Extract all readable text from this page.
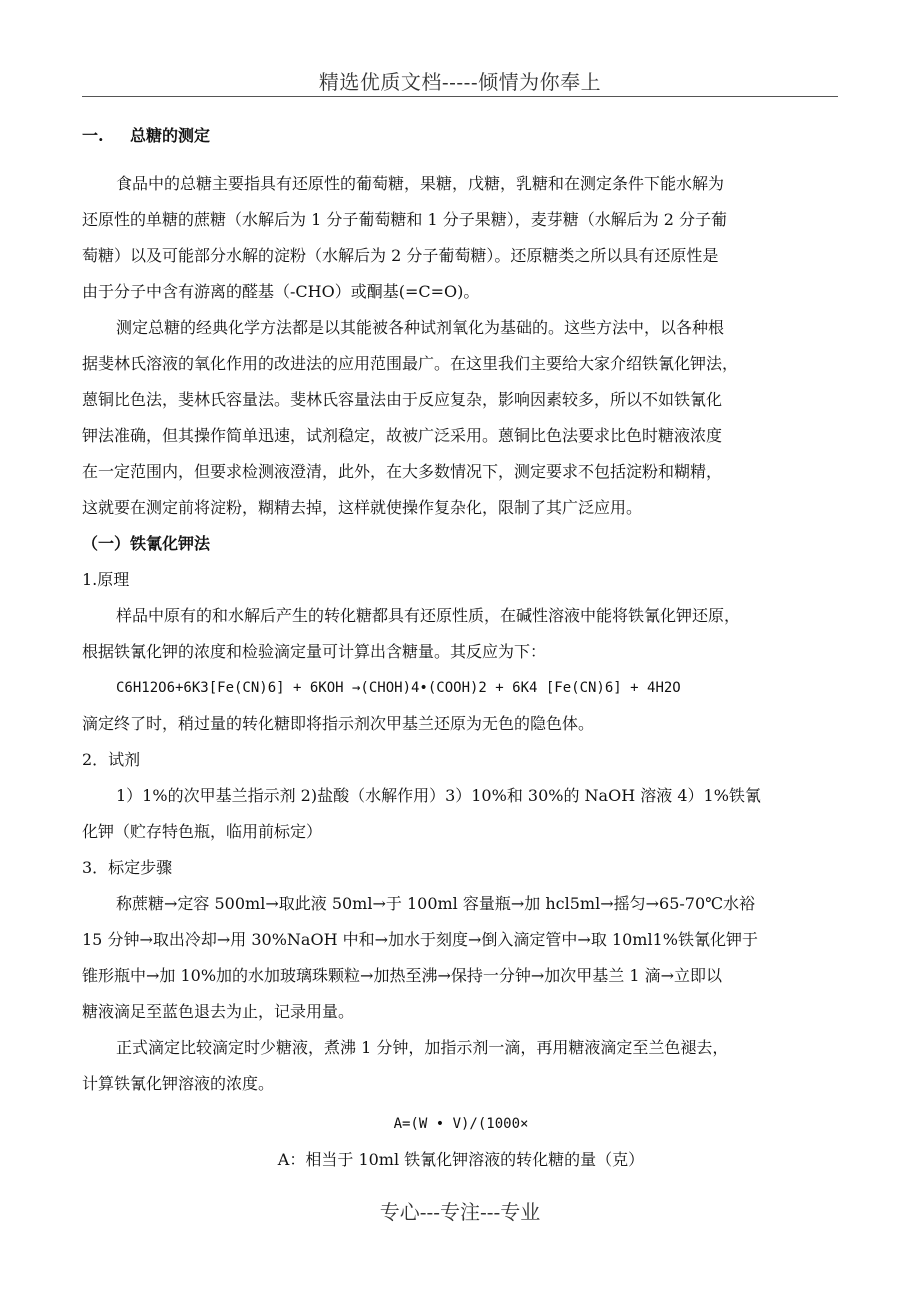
精选优质文档-----倾情为你奉上
一. 总糖的测定
食品中的总糖主要指具有还原性的葡萄糖，果糖，戊糖，乳糖和在测定条件下能水解为
还原性的单糖的蔗糖（水解后为 1 分子葡萄糖和 1 分子果糖），麦芽糖（水解后为 2 分子葡
萄糖）以及可能部分水解的淀粉（水解后为 2 分子葡萄糖）。还原糖类之所以具有还原性是
由于分子中含有游离的醛基（-CHO）或酮基(=C=O)。
测定总糖的经典化学方法都是以其能被各种试剂氧化为基础的。这些方法中，以各种根
据斐林氏溶液的氧化作用的改进法的应用范围最广。在这里我们主要给大家介绍铁氰化钾法，
蒽铜比色法，斐林氏容量法。斐林氏容量法由于反应复杂，影响因素较多，所以不如铁氰化
钾法准确，但其操作简单迅速，试剂稳定，故被广泛采用。蒽铜比色法要求比色时糖液浓度
在一定范围内，但要求检测液澄清，此外，在大多数情况下，测定要求不包括淀粉和糊精，
这就要在测定前将淀粉，糊精去掉，这样就使操作复杂化，限制了其广泛应用。
（一）铁氰化钾法
1.原理
样品中原有的和水解后产生的转化糖都具有还原性质，在碱性溶液中能将铁氰化钾还原，
根据铁氰化钾的浓度和检验滴定量可计算出含糖量。其反应为下：
C6H12O6+6K3[Fe(CN)6] + 6KOH →(CHOH)4•(COOH)2 + 6K4 [Fe(CN)6] + 4H2O
滴定终了时，稍过量的转化糖即将指示剂次甲基兰还原为无色的隐色体。
2．试剂
1）1%的次甲基兰指示剂 2)盐酸（水解作用）3）10%和 30%的 NaOH 溶液 4）1%铁氰
化钾（贮存特色瓶，临用前标定）
3．标定步骤
称蔗糖→定容 500ml→取此液 50ml→于 100ml 容量瓶→加 hcl5ml→摇匀→65-70℃水裕
15 分钟→取出冷却→用 30%NaOH 中和→加水于刻度→倒入滴定管中→取 10ml1%铁氰化钾于
锥形瓶中→加 10%加的水加玻璃珠颗粒→加热至沸→保持一分钟→加次甲基兰 1 滴→立即以
糖液滴足至蓝色退去为止，记录用量。
正式滴定比较滴定时少糖液，煮沸 1 分钟，加指示剂一滴，再用糖液滴定至兰色褪去，
计算铁氰化钾溶液的浓度。
A=(W • V)/(1000×
A：相当于 10ml 铁氰化钾溶液的转化糖的量（克）
专心---专注---专业
